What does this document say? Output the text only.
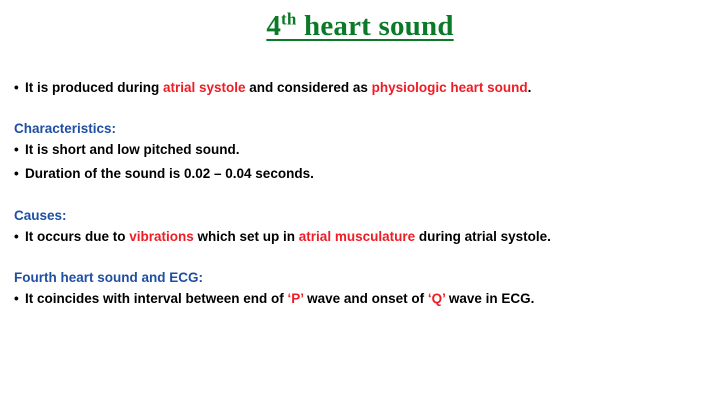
4th heart sound

• It is produced during atrial systole and considered as physiologic heart sound.

Characteristics:

• It is short and low pitched sound.

• Duration of the sound is 0.02 – 0.04 seconds.

Causes:

• It occurs due to vibrations which set up in atrial musculature during atrial systole.

Fourth heart sound and ECG:

• It coincides with interval between end of ‘P’ wave and onset of ‘Q’ wave in ECG.
